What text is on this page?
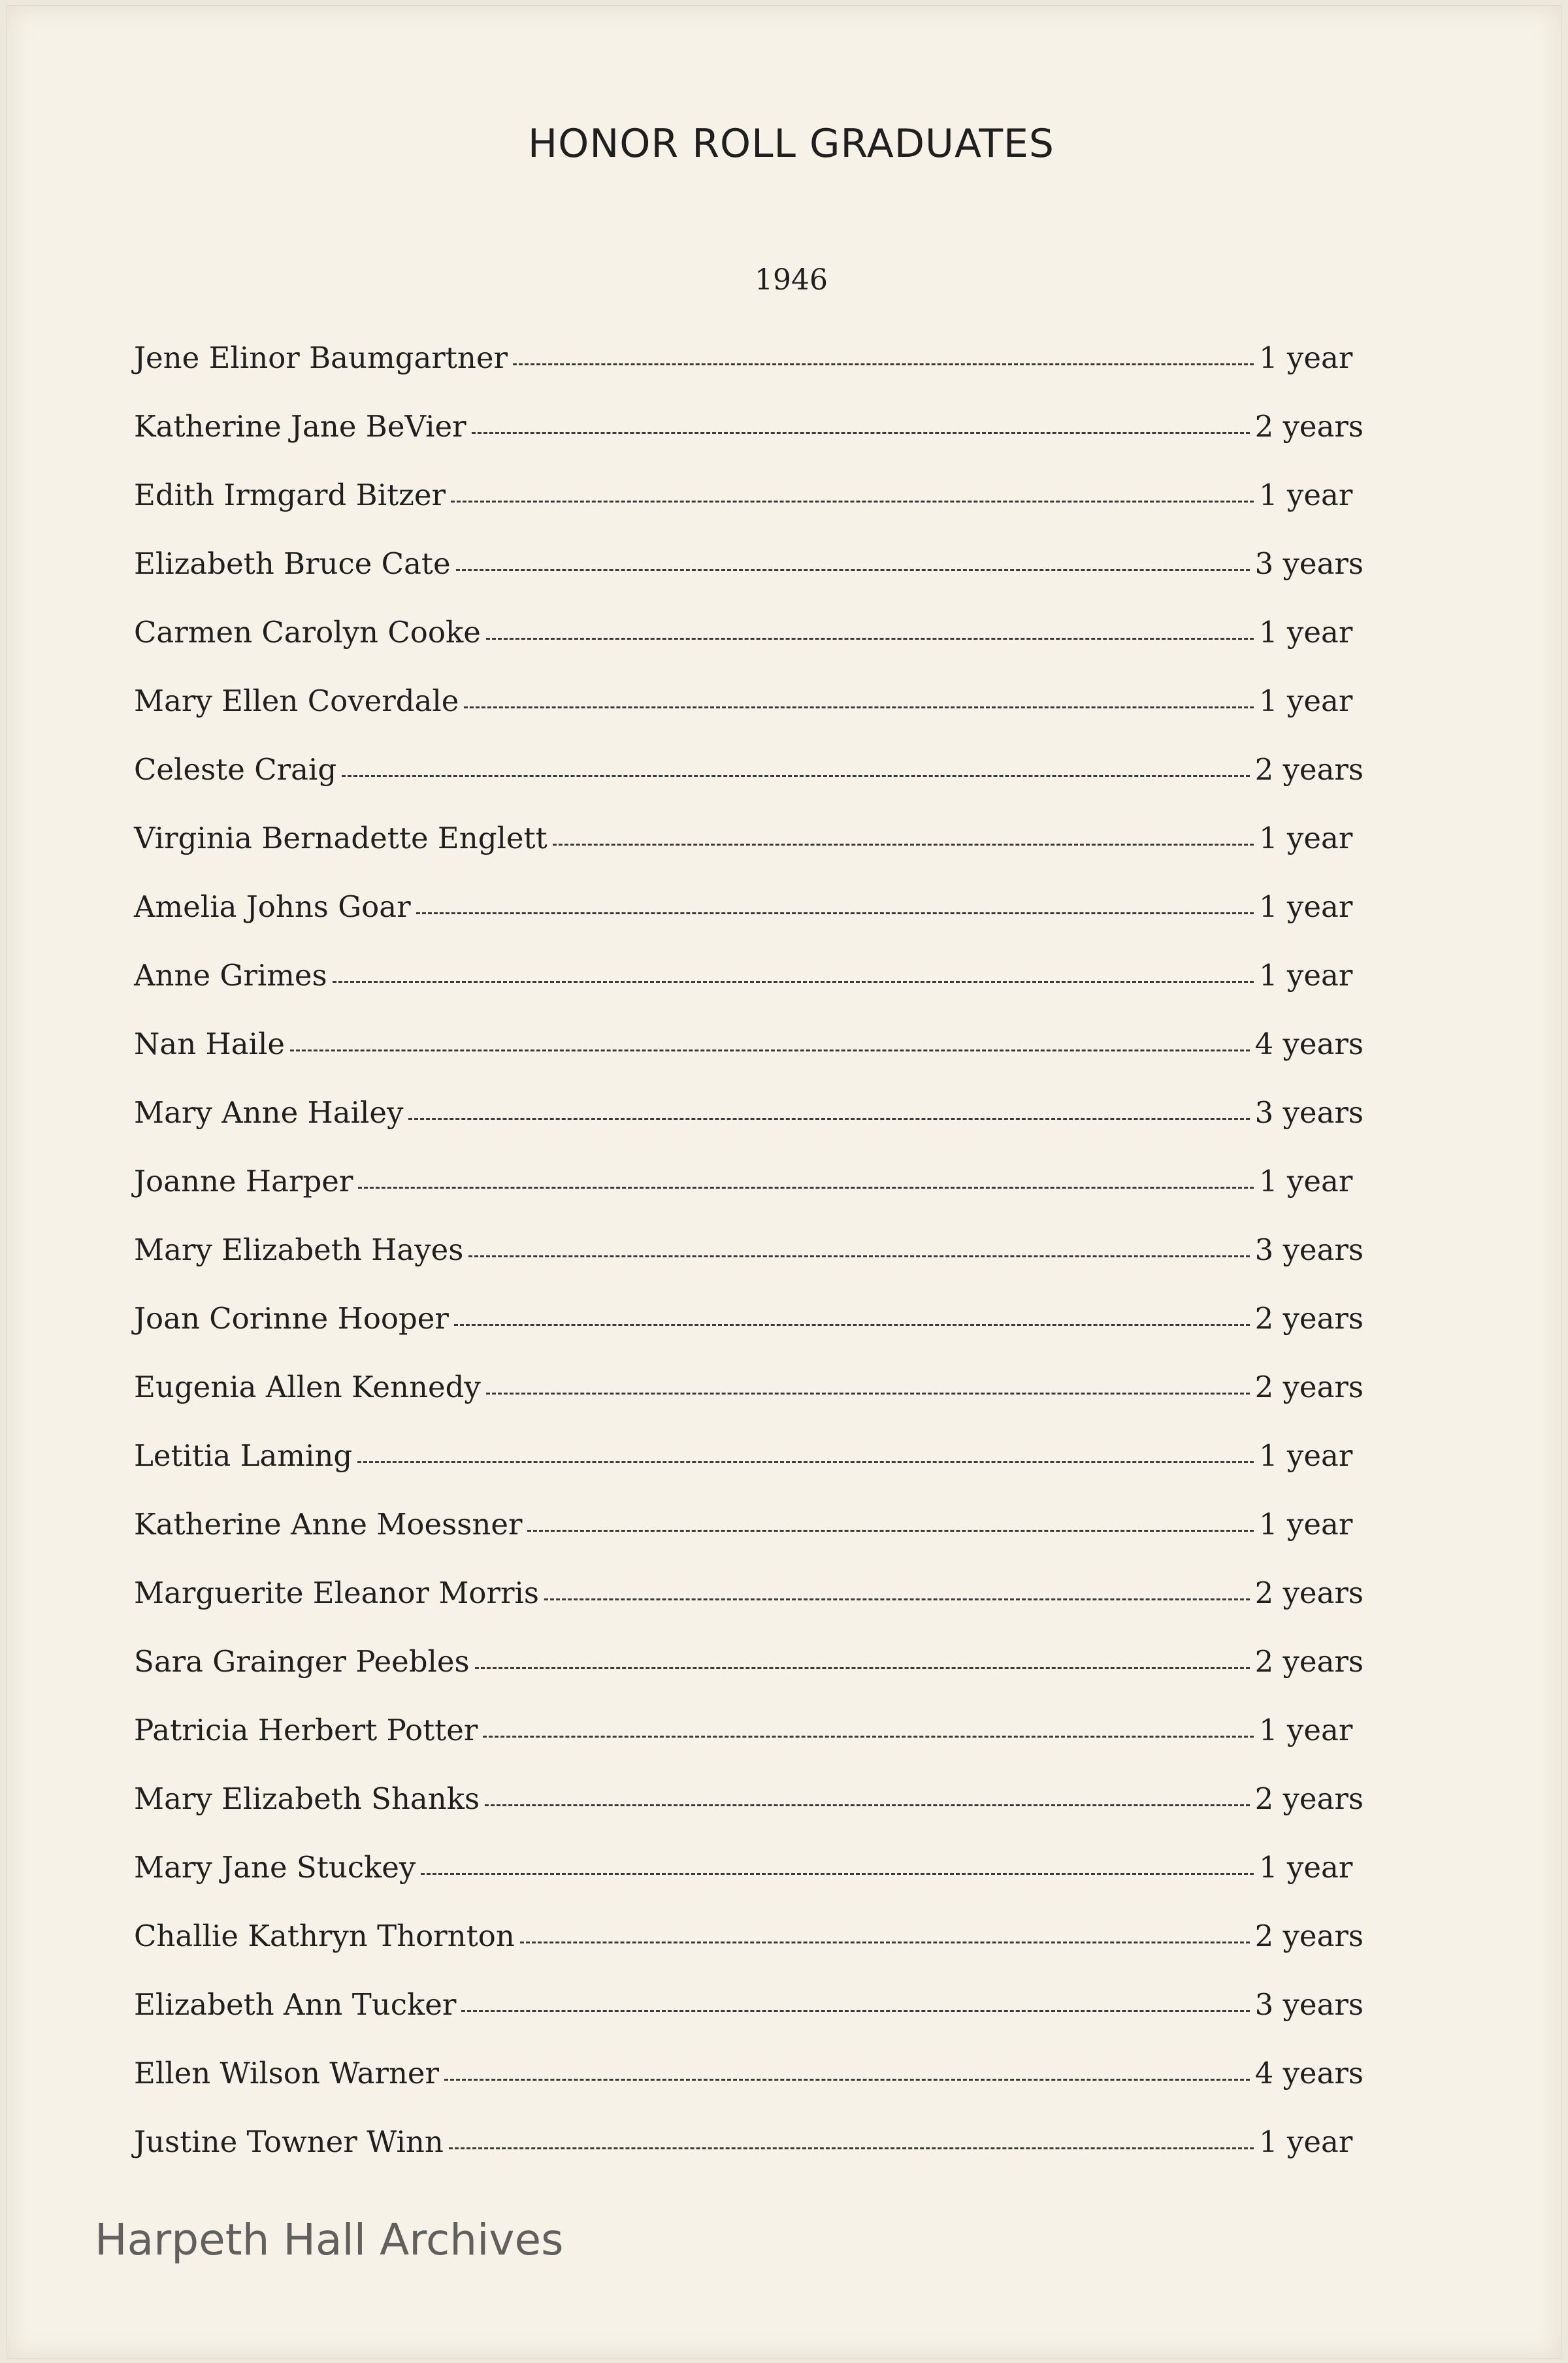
HONOR ROLL GRADUATES
1946
Jene Elinor Baumgartner	1 year
Katherine Jane BeVier	2 years
Edith Irmgard Bitzer	1 year
Elizabeth Bruce Cate	3 years
Carmen Carolyn Cooke	1 year
Mary Ellen Coverdale	1 year
Celeste Craig	2 years
Virginia Bernadette Englett	1 year
Amelia Johns Goar	1 year
Anne Grimes	1 year
Nan Haile	4 years
Mary Anne Hailey	3 years
Joanne Harper	1 year
Mary Elizabeth Hayes	3 years
Joan Corinne Hooper	2 years
Eugenia Allen Kennedy	2 years
Letitia Laming	1 year
Katherine Anne Moessner	1 year
Marguerite Eleanor Morris	2 years
Sara Grainger Peebles	2 years
Patricia Herbert Potter	1 year
Mary Elizabeth Shanks	2 years
Mary Jane Stuckey	1 year
Challie Kathryn Thornton	2 years
Elizabeth Ann Tucker	3 years
Ellen Wilson Warner	4 years
Justine Towner Winn	1 year
Harpeth Hall Archives
